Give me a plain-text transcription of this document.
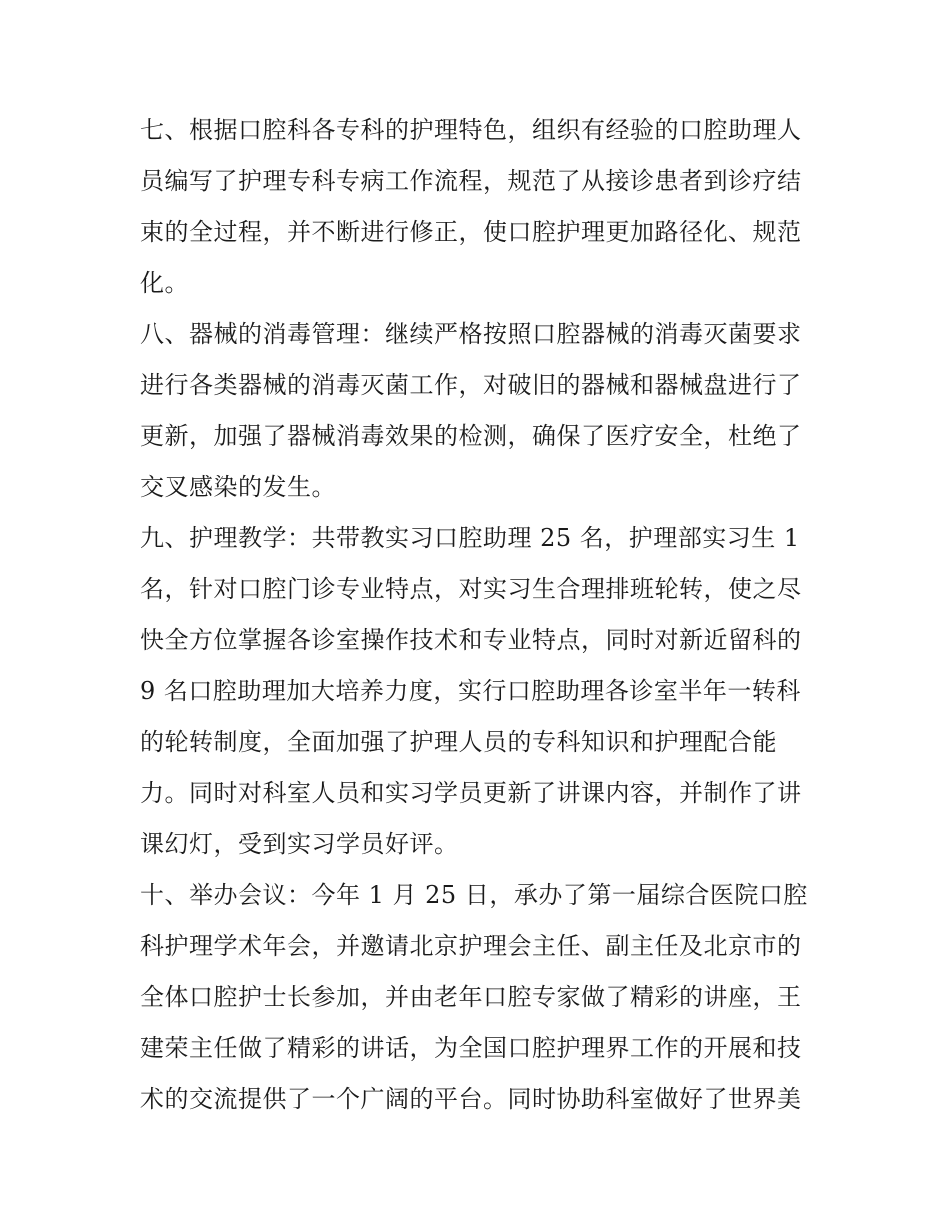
七、根据口腔科各专科的护理特色，组织有经验的口腔助理人
员编写了护理专科专病工作流程，规范了从接诊患者到诊疗结
束的全过程，并不断进行修正，使口腔护理更加路径化、规范
化。
八、器械的消毒管理：继续严格按照口腔器械的消毒灭菌要求
进行各类器械的消毒灭菌工作，对破旧的器械和器械盘进行了
更新，加强了器械消毒效果的检测，确保了医疗安全，杜绝了
交叉感染的发生。
九、护理教学：共带教实习口腔助理 25 名，护理部实习生 1
名，针对口腔门诊专业特点，对实习生合理排班轮转，使之尽
快全方位掌握各诊室操作技术和专业特点，同时对新近留科的
9 名口腔助理加大培养力度，实行口腔助理各诊室半年一转科
的轮转制度，全面加强了护理人员的专科知识和护理配合能
力。同时对科室人员和实习学员更新了讲课内容，并制作了讲
课幻灯，受到实习学员好评。
十、举办会议：今年 1 月 25 日，承办了第一届综合医院口腔
科护理学术年会，并邀请北京护理会主任、副主任及北京市的
全体口腔护士长参加，并由老年口腔专家做了精彩的讲座，王
建荣主任做了精彩的讲话，为全国口腔护理界工作的开展和技
术的交流提供了一个广阔的平台。同时协助科室做好了世界美
